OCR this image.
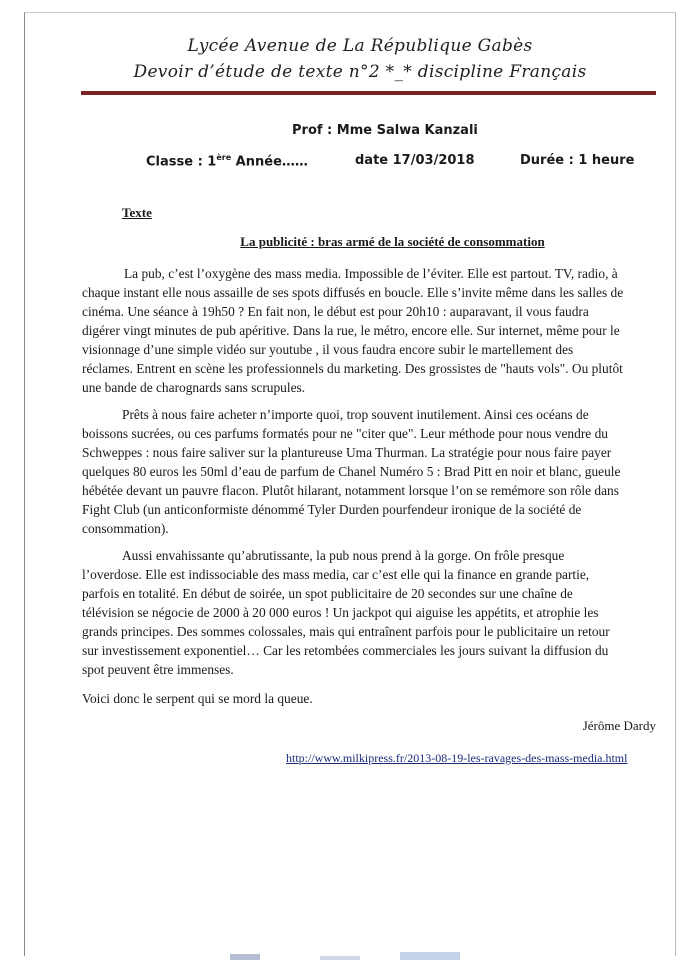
Lycée Avenue de La République Gabès
Devoir d’étude de texte n°2 *_* discipline Français
Prof : Mme Salwa Kanzali
Classe : 1ère Année……	date 17/03/2018	Durée : 1 heure
Texte
La publicité : bras armé de la société de consommation
La pub, c’est l’oxygène des mass media. Impossible de l’éviter. Elle est partout. TV, radio, à
chaque instant elle nous assaille de ses spots diffusés en boucle. Elle s’invite même dans les salles de
cinéma. Une séance à 19h50 ? En fait non, le début est pour 20h10 : auparavant, il vous faudra
digérer vingt minutes de pub apéritive. Dans la rue, le métro, encore elle. Sur internet, même pour le
visionnage d’une simple vidéo sur youtube , il vous faudra encore subir le martellement des
réclames. Entrent en scène les professionnels du marketing. Des grossistes de "hauts vols". Ou plutôt
une bande de charognards sans scrupules.
Prêts à nous faire acheter n’importe quoi, trop souvent inutilement. Ainsi ces océans de
boissons sucrées, ou ces parfums formatés pour ne "citer que". Leur méthode pour nous vendre du
Schweppes : nous faire saliver sur la plantureuse Uma Thurman. La stratégie pour nous faire payer
quelques 80 euros les 50ml d’eau de parfum de Chanel Numéro 5 : Brad Pitt en noir et blanc, gueule
hébétée devant un pauvre flacon. Plutôt hilarant, notamment lorsque l’on se remémore son rôle dans
Fight Club (un anticonformiste dénommé Tyler Durden pourfendeur ironique de la société de
consommation).
Aussi envahissante qu’abrutissante, la pub nous prend à la gorge. On frôle presque
l’overdose. Elle est indissociable des mass media, car c’est elle qui la finance en grande partie,
parfois en totalité. En début de soirée, un spot publicitaire de 20 secondes sur une chaîne de
télévision se négocie de 2000 à 20 000 euros ! Un jackpot qui aiguise les appétits, et atrophie les
grands principes. Des sommes colossales, mais qui entraînent parfois pour le publicitaire un retour
sur investissement exponentiel… Car les retombées commerciales les jours suivant la diffusion du
spot peuvent être immenses.
Voici donc le serpent qui se mord la queue.
Jérôme Dardy
http://www.milkipress.fr/2013-08-19-les-ravages-des-mass-media.html
